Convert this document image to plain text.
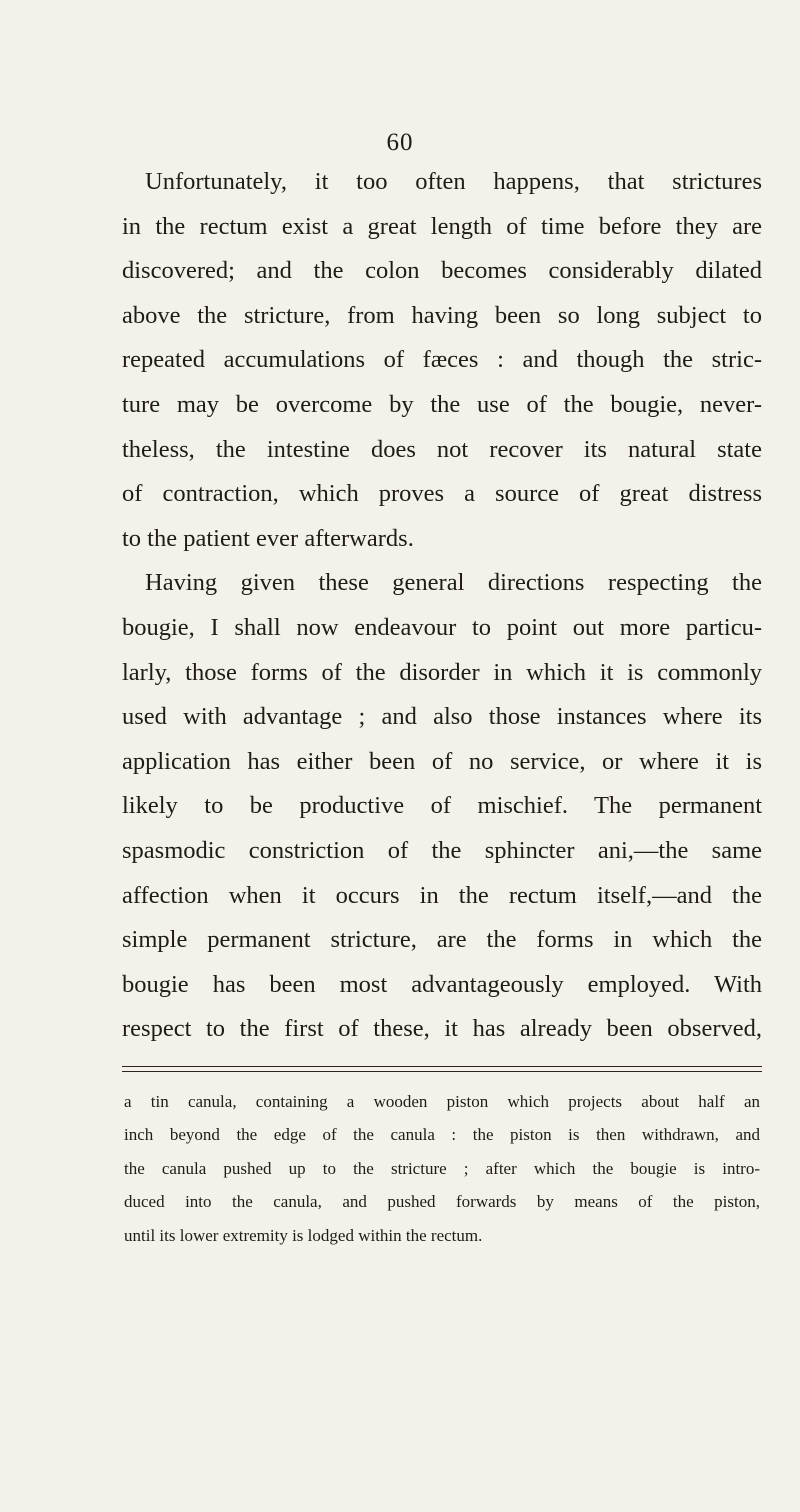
60
Unfortunately, it too often happens, that strictures
in the rectum exist a great length of time before they are
discovered; and the colon becomes considerably dilated
above the stricture, from having been so long subject to
repeated accumulations of fæces : and though the stric-
ture may be overcome by the use of the bougie, never-
theless, the intestine does not recover its natural state
of contraction, which proves a source of great distress
to the patient ever afterwards.
Having given these general directions respecting the
bougie, I shall now endeavour to point out more particu-
larly, those forms of the disorder in which it is commonly
used with advantage ; and also those instances where its
application has either been of no service, or where it is
likely to be productive of mischief. The permanent
spasmodic constriction of the sphincter ani,—the same
affection when it occurs in the rectum itself,—and the
simple permanent stricture, are the forms in which the
bougie has been most advantageously employed. With
respect to the first of these, it has already been observed,
a tin canula, containing a wooden piston which projects about half an
inch beyond the edge of the canula : the piston is then withdrawn, and
the canula pushed up to the stricture ; after which the bougie is intro-
duced into the canula, and pushed forwards by means of the piston,
until its lower extremity is lodged within the rectum.
